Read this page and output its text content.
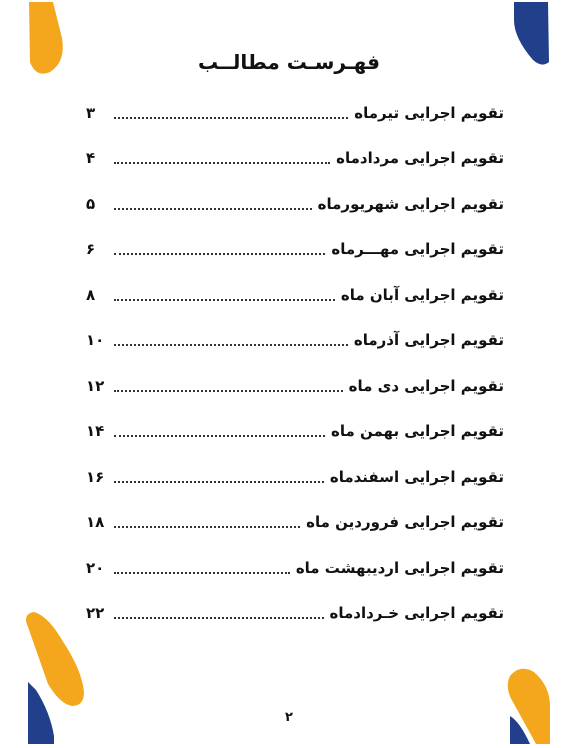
فهـرسـت مطالــب
تقویم اجرایی تیرماه
۳
تقویم اجرایی مردادماه
۴
تقویم اجرایی شهریورماه
۵
تقویم اجرایی مهـــرماه
۶
تقویم اجرایی آبان ماه
۸
تقویم اجرایی آذرماه
۱۰
تقویم اجرایی دی ماه
۱۲
تقویم اجرایی بهمن ماه
۱۴
تقویم اجرایی اسفندماه
۱۶
تقویم اجرایی فروردین ماه
۱۸
تقویم اجرایی اردیبهشت ماه
۲۰
تقویم اجرایی خـردادماه
۲۲
۲
